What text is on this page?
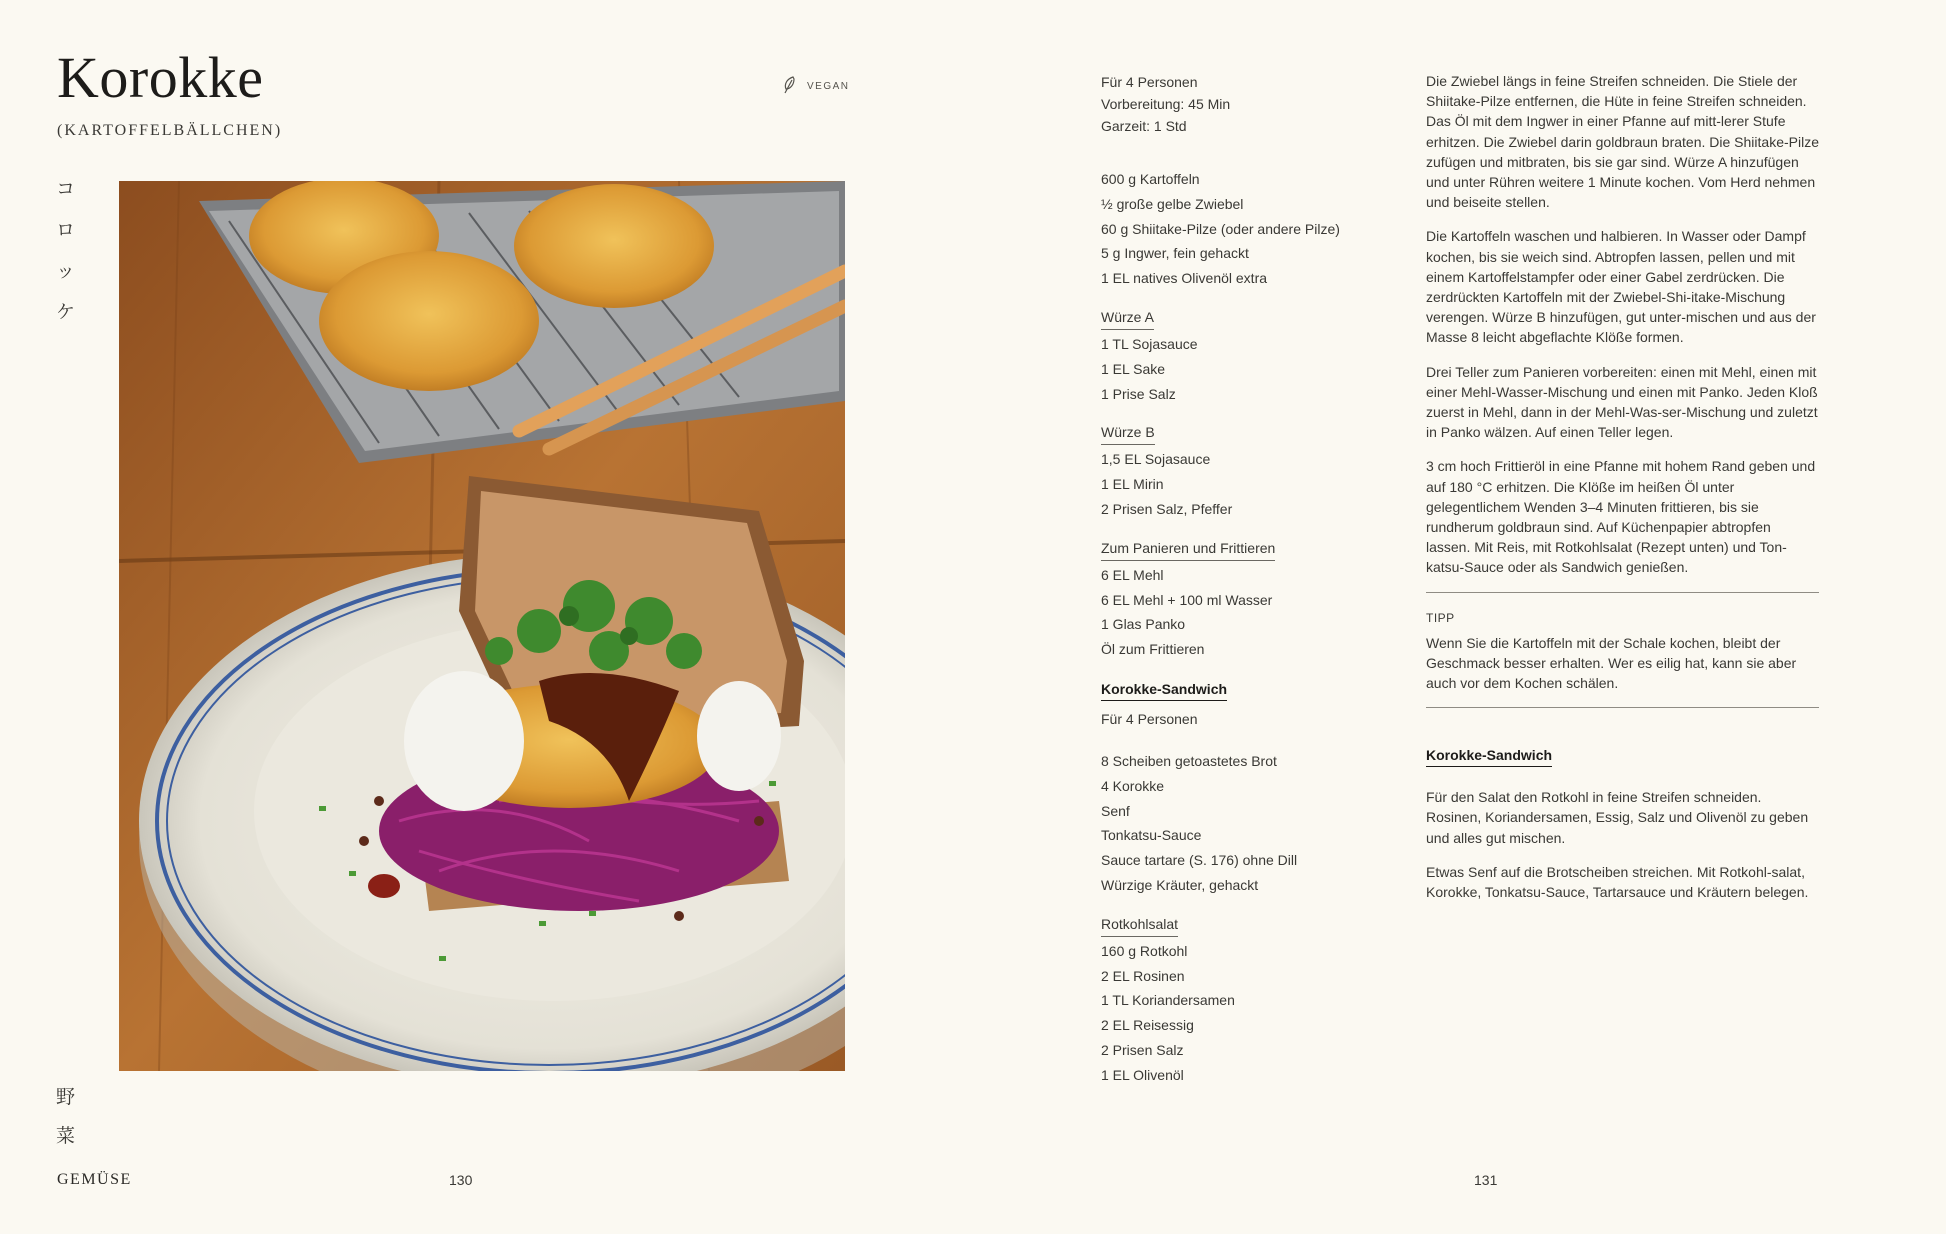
Korokke
(KARTOFFELBÄLLCHEN)
VEGAN
コ
ロ
ッ
ケ
野
菜
GEMÜSE	130
Für 4 Personen
Vorbereitung: 45 Min
Garzeit: 1 Std
600 g Kartoffeln
½ große gelbe Zwiebel
60 g Shiitake-Pilze (oder andere Pilze)
5 g Ingwer, fein gehackt
1 EL natives Olivenöl extra
Würze A
1 TL Sojasauce
1 EL Sake
1 Prise Salz
Würze B
1,5 EL Sojasauce
1 EL Mirin
2 Prisen Salz, Pfeffer
Zum Panieren und Frittieren
6 EL Mehl
6 EL Mehl + 100 ml Wasser
1 Glas Panko
Öl zum Frittieren
Korokke-Sandwich
Für 4 Personen
8 Scheiben getoastetes Brot
4 Korokke
Senf
Tonkatsu-Sauce
Sauce tartare (S. 176) ohne Dill
Würzige Kräuter, gehackt
Rotkohlsalat
160 g Rotkohl
2 EL Rosinen
1 TL Koriandersamen
2 EL Reisessig
2 Prisen Salz
1 EL Olivenöl

Die Zwiebel längs in feine Streifen schneiden. Die Stiele der Shiitake-Pilze entfernen, die Hüte in feine Streifen schneiden. Das Öl mit dem Ingwer in einer Pfanne auf mitt-lerer Stufe erhitzen. Die Zwiebel darin goldbraun braten. Die Shiitake-Pilze zufügen und mitbraten, bis sie gar sind. Würze A hinzufügen und unter Rühren weitere 1 Minute kochen. Vom Herd nehmen und beiseite stellen.

Die Kartoffeln waschen und halbieren. In Wasser oder Dampf kochen, bis sie weich sind. Abtropfen lassen, pellen und mit einem Kartoffelstampfer oder einer Gabel zerdrücken. Die zerdrückten Kartoffeln mit der Zwiebel-Shi-itake-Mischung verengen. Würze B hinzufügen, gut unter-mischen und aus der Masse 8 leicht abgeflachte Klöße formen.

Drei Teller zum Panieren vorbereiten: einen mit Mehl, einen mit einer Mehl-Wasser-Mischung und einen mit Panko. Jeden Kloß zuerst in Mehl, dann in der Mehl-Was-ser-Mischung und zuletzt in Panko wälzen. Auf einen Teller legen.

3 cm hoch Frittieröl in eine Pfanne mit hohem Rand geben und auf 180 °C erhitzen. Die Klöße im heißen Öl unter gelegentlichem Wenden 3–4 Minuten frittieren, bis sie rundherum goldbraun sind. Auf Küchenpapier abtropfen lassen. Mit Reis, mit Rotkohlsalat (Rezept unten) und Ton-katsu-Sauce oder als Sandwich genießen.

TIPP

Wenn Sie die Kartoffeln mit der Schale kochen, bleibt der Geschmack besser erhalten. Wer es eilig hat, kann sie aber auch vor dem Kochen schälen.

Korokke-Sandwich

Für den Salat den Rotkohl in feine Streifen schneiden. Rosinen, Koriandersamen, Essig, Salz und Olivenöl zu geben und alles gut mischen.

Etwas Senf auf die Brotscheiben streichen. Mit Rotkohl-salat, Korokke, Tonkatsu-Sauce, Tartarsauce und Kräutern belegen.

131
